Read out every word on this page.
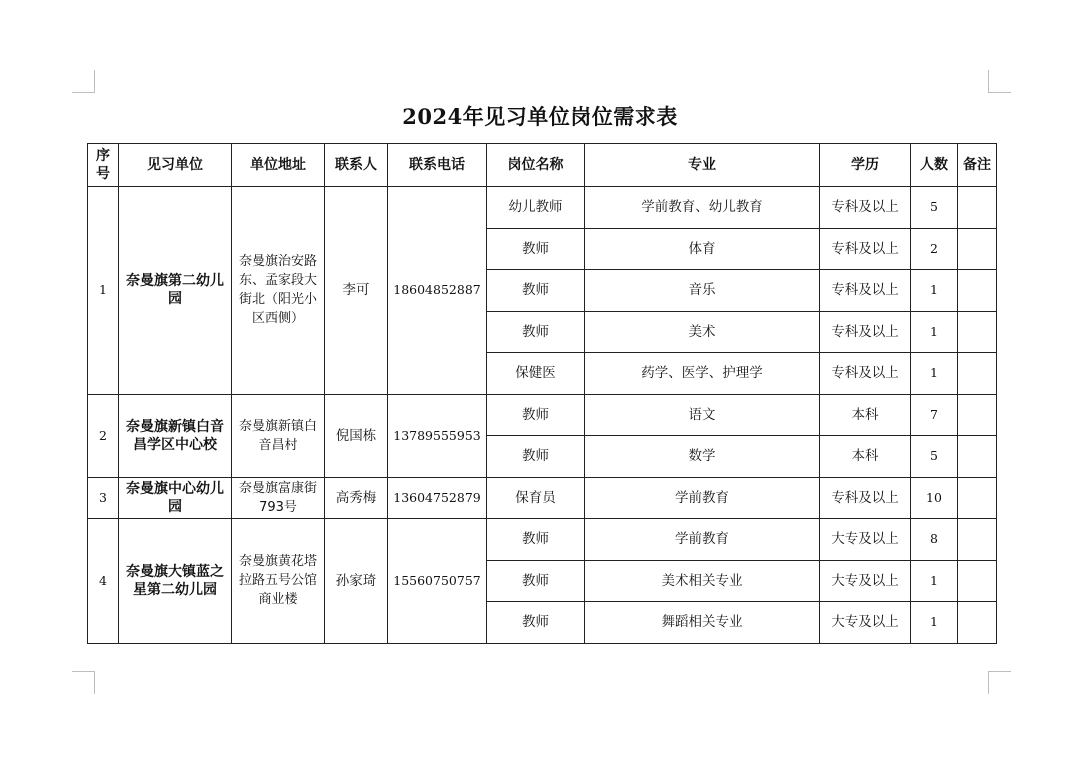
2024年见习单位岗位需求表
序号	见习单位	单位地址	联系人	联系电话	岗位名称	专业	学历	人数	备注
1	奈曼旗第二幼儿园	奈曼旗治安路东、孟家段大街北（阳光小区西侧）	李可	18604852887	幼儿教师	学前教育、幼儿教育	专科及以上	5	
					教师	体育	专科及以上	2	
					教师	音乐	专科及以上	1	
					教师	美术	专科及以上	1	
					保健医	药学、医学、护理学	专科及以上	1	
2	奈曼旗新镇白音昌学区中心校	奈曼旗新镇白音昌村	倪国栋	13789555953	教师	语文	本科	7	
					教师	数学	本科	5	
3	奈曼旗中心幼儿园	奈曼旗富康街793号	高秀梅	13604752879	保育员	学前教育	专科及以上	10	
4	奈曼旗大镇蓝之星第二幼儿园	奈曼旗黄花塔拉路五号公馆商业楼	孙家琦	15560750757	教师	学前教育	大专及以上	8	
					教师	美术相关专业	大专及以上	1	
					教师	舞蹈相关专业	大专及以上	1	
